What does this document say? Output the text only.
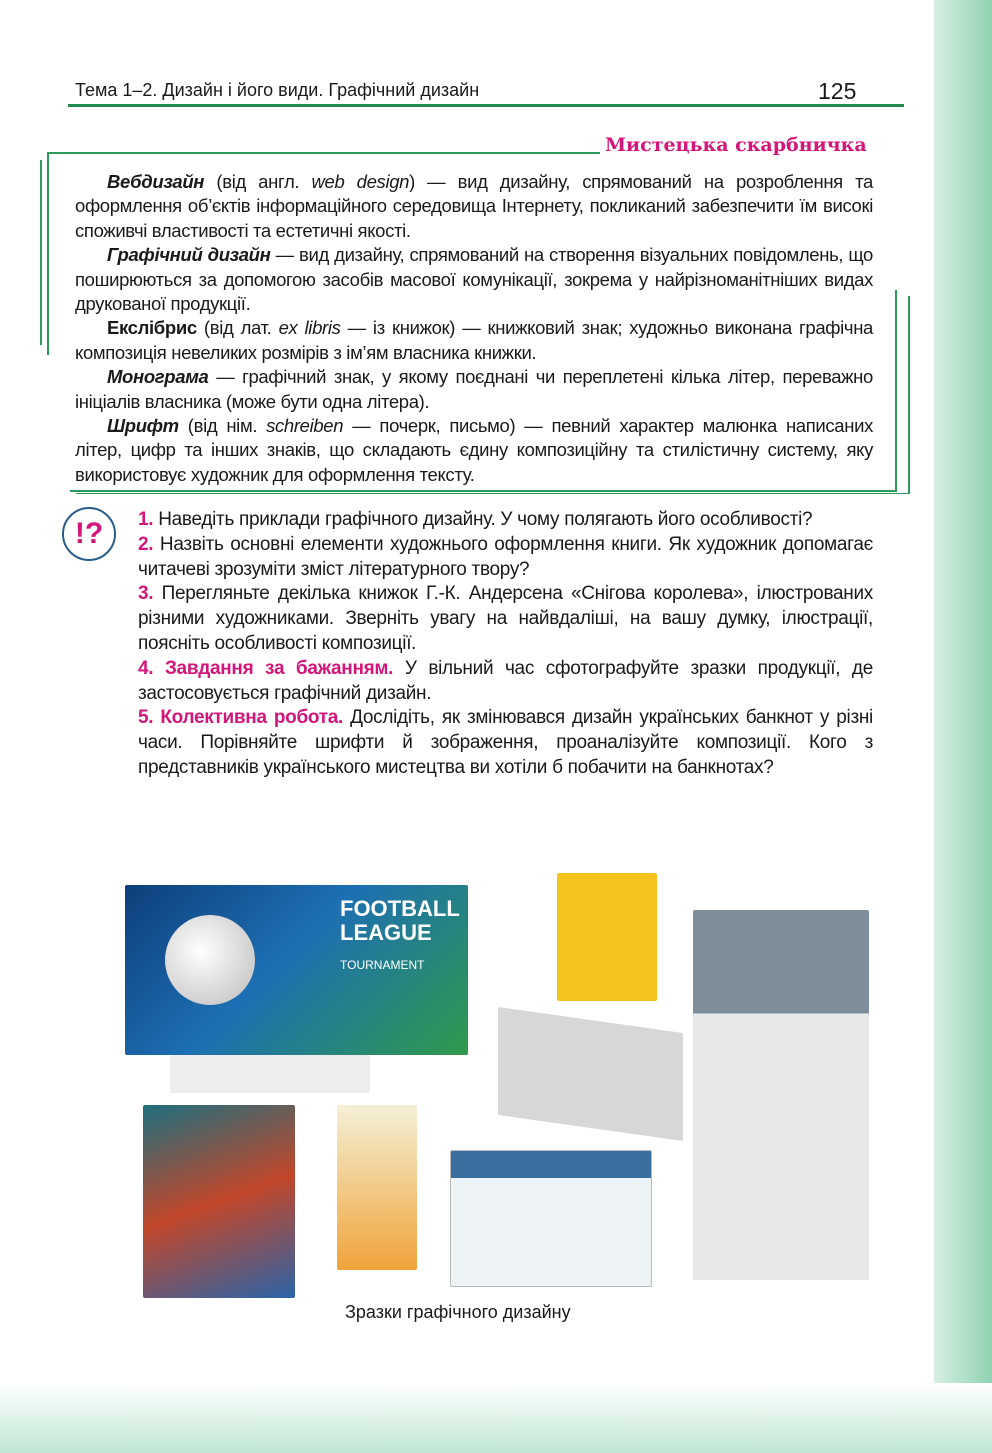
Тема 1–2. Дизайн і його види. Графічний дизайн	125
Мистецька скарбничка

Вебдизайн (від англ. web design) — вид дизайну, спрямований на розроблення та оформлення об’єктів інформаційного середовища Інтернету, покликаний забезпечити їм високі споживчі властивості та естетичні якості.

Графічний дизайн — вид дизайну, спрямований на створення візуальних повідомлень, що поширюються за допомогою засобів масової комунікації, зокрема у найрізноманітніших видах друкованої продукції.

Екслібрис (від лат. ex libris — із книжок) — книжковий знак; художньо виконана графічна композиція невеликих розмірів з ім’ям власника книжки.

Монограма — графічний знак, у якому поєднані чи переплетені кілька літер, переважно ініціалів власника (може бути одна літера).

Шрифт (від нім. schreiben — почерк, письмо) — певний характер малюнка написаних літер, цифр та інших знаків, що складають єдину композиційну та стилістичну систему, яку використовує художник для оформлення тексту.

!?	1. Наведіть приклади графічного дизайну. У чому полягають його особливості?

2. Назвіть основні елементи художнього оформлення книги. Як художник допомагає читачеві зрозуміти зміст літературного твору?

3. Перегляньте декілька книжок Г.-К. Андерсена «Снігова королева», ілюстрованих різними художниками. Зверніть увагу на найвдаліші, на вашу думку, ілюстрації, поясніть особливості композиції.

4. Завдання за бажанням. У вільний час сфотографуйте зразки продукції, де застосовується графічний дизайн.

5. Колективна робота. Дослідіть, як змінювався дизайн українських банкнот у різні часи. Порівняйте шрифти й зображення, проаналізуйте композиції. Кого з представників українського мистецтва ви хотіли б побачити на банкнотах?

FOOTBALL
LEAGUE
TOURNAMENT
Зразки графічного дизайну
